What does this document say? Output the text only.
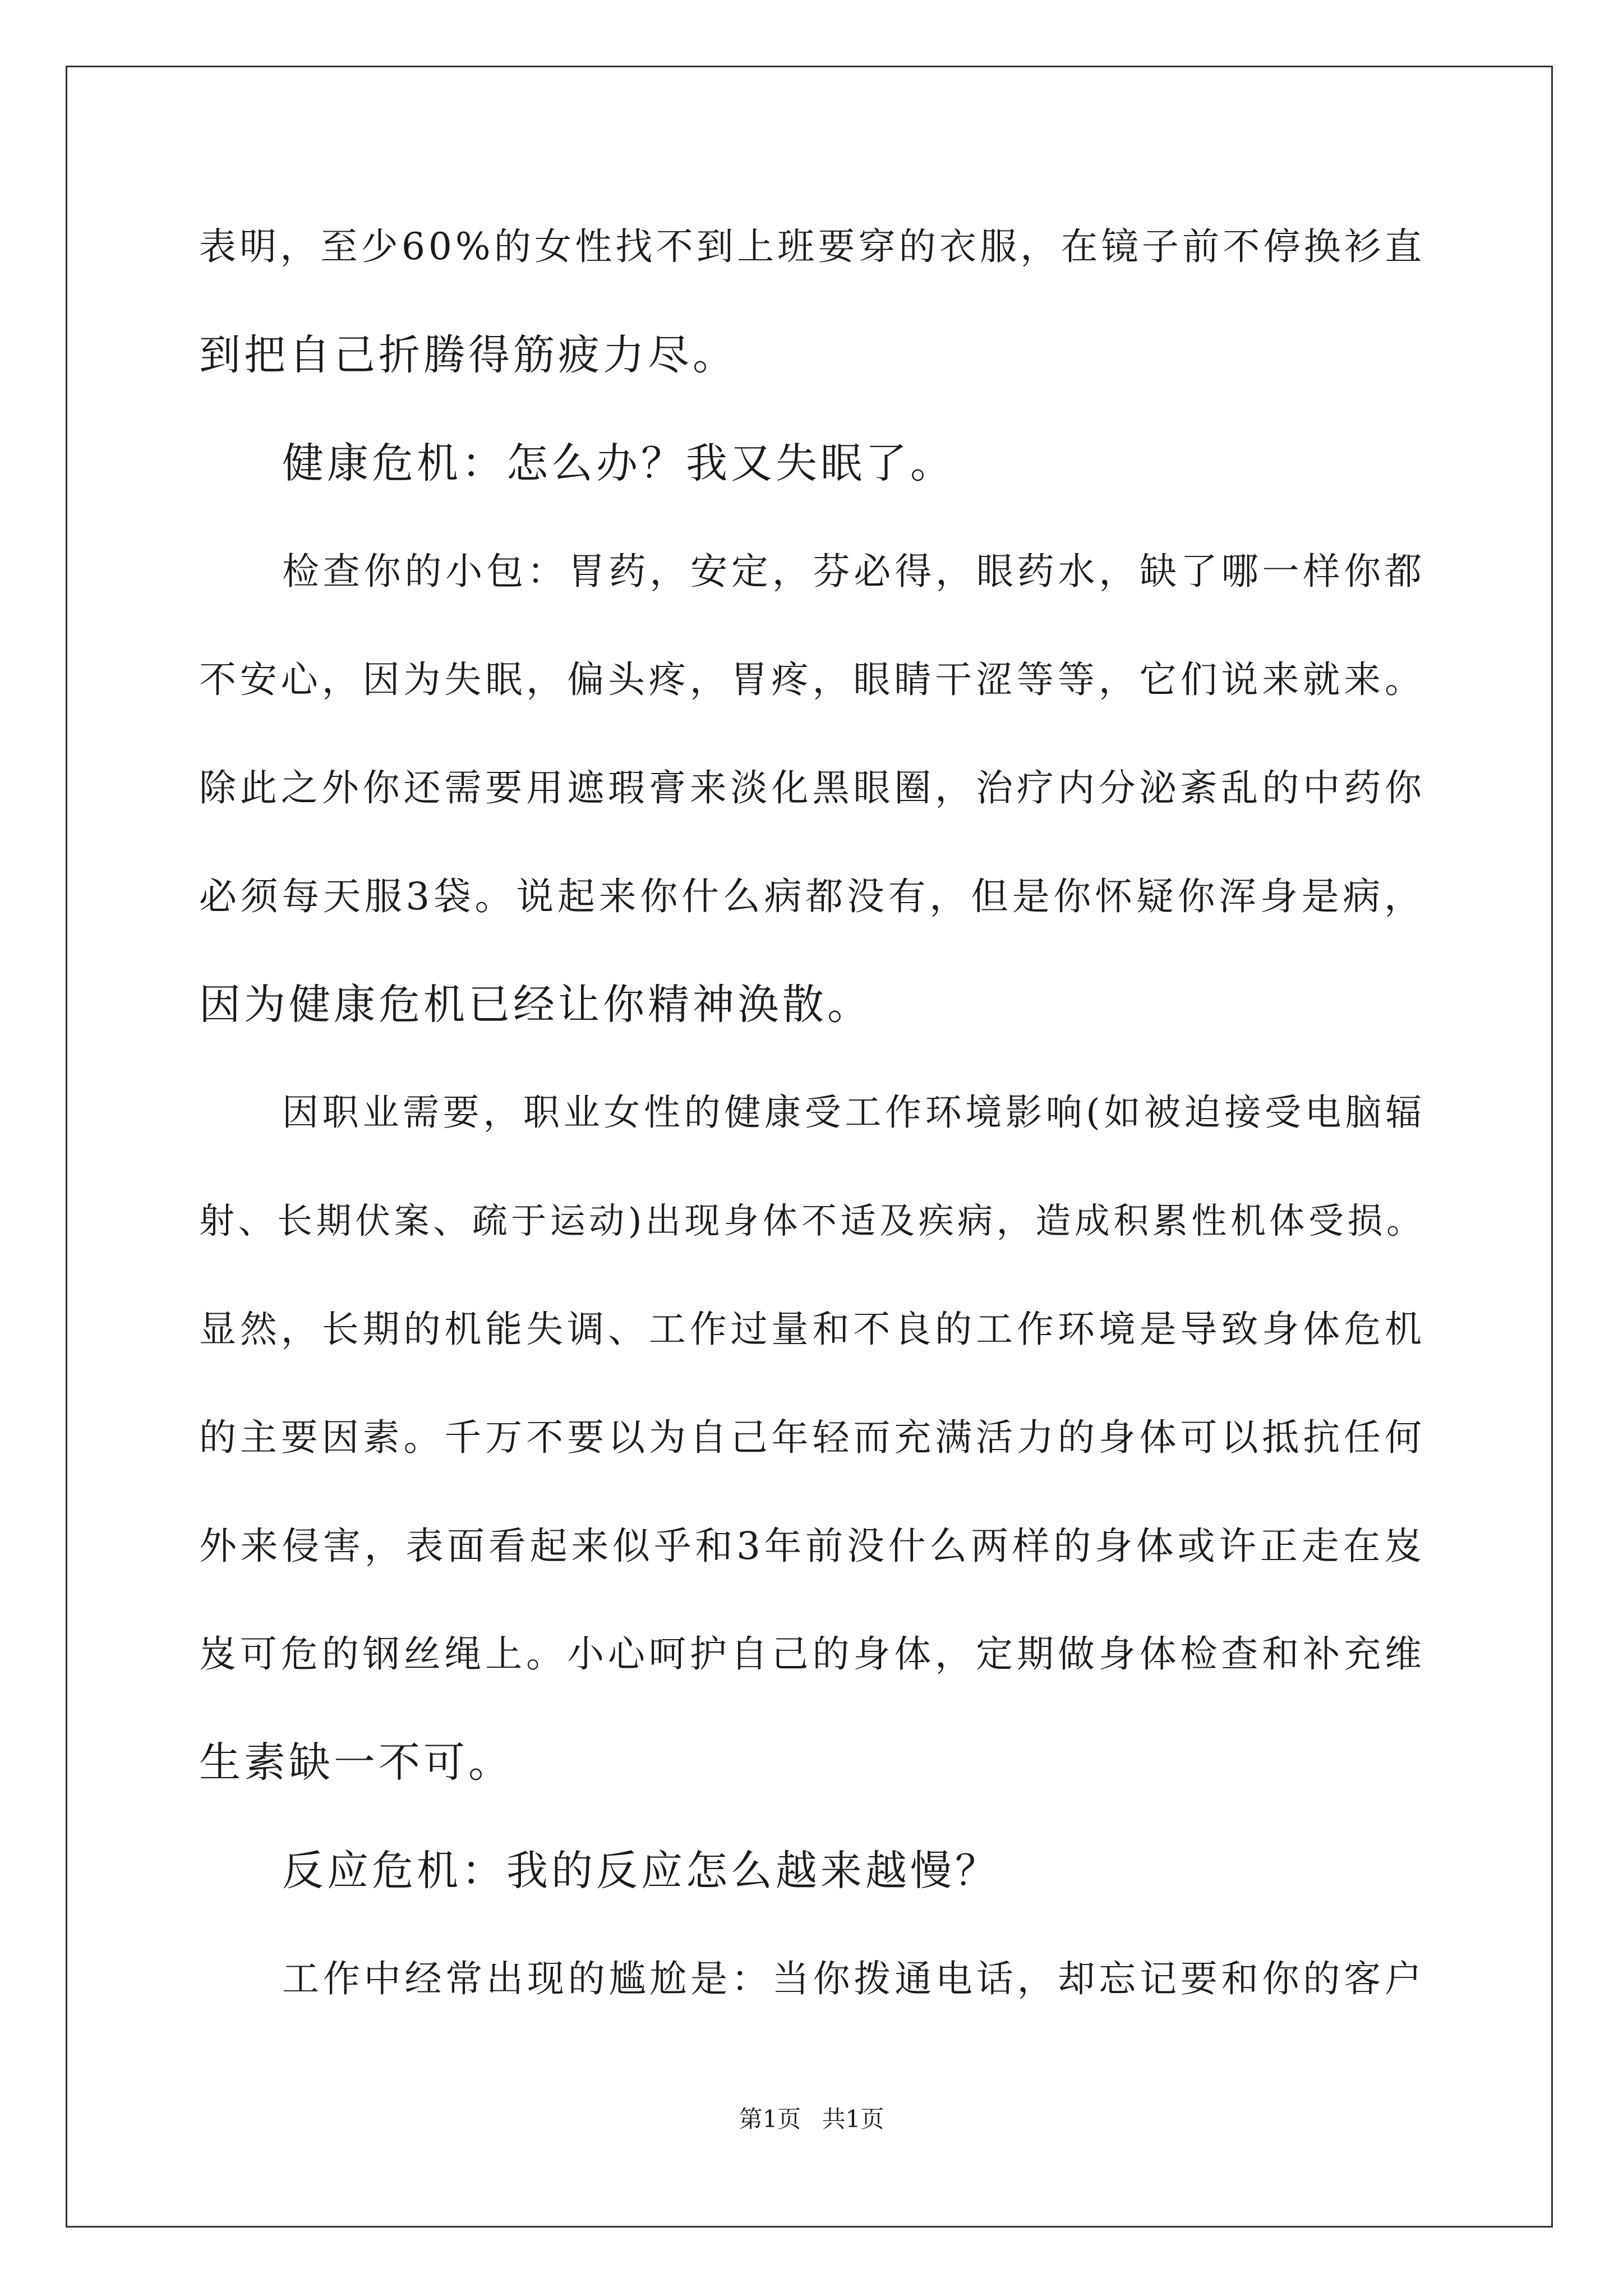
表明，至少60%的女性找不到上班要穿的衣服，在镜子前不停换衫直
到把自己折腾得筋疲力尽。
健康危机：怎么办？我又失眠了。
检查你的小包：胃药，安定，芬必得，眼药水，缺了哪一样你都
不安心，因为失眠，偏头疼，胃疼，眼睛干涩等等，它们说来就来。
除此之外你还需要用遮瑕膏来淡化黑眼圈，治疗内分泌紊乱的中药你
必须每天服3袋。说起来你什么病都没有，但是你怀疑你浑身是病，
因为健康危机已经让你精神涣散。
因职业需要，职业女性的健康受工作环境影响(如被迫接受电脑辐
射、长期伏案、疏于运动)出现身体不适及疾病，造成积累性机体受损。
显然，长期的机能失调、工作过量和不良的工作环境是导致身体危机
的主要因素。千万不要以为自己年轻而充满活力的身体可以抵抗任何
外来侵害，表面看起来似乎和3年前没什么两样的身体或许正走在岌
岌可危的钢丝绳上。小心呵护自己的身体，定期做身体检查和补充维
生素缺一不可。
反应危机：我的反应怎么越来越慢？
工作中经常出现的尴尬是：当你拨通电话，却忘记要和你的客户
第1页 共1页
